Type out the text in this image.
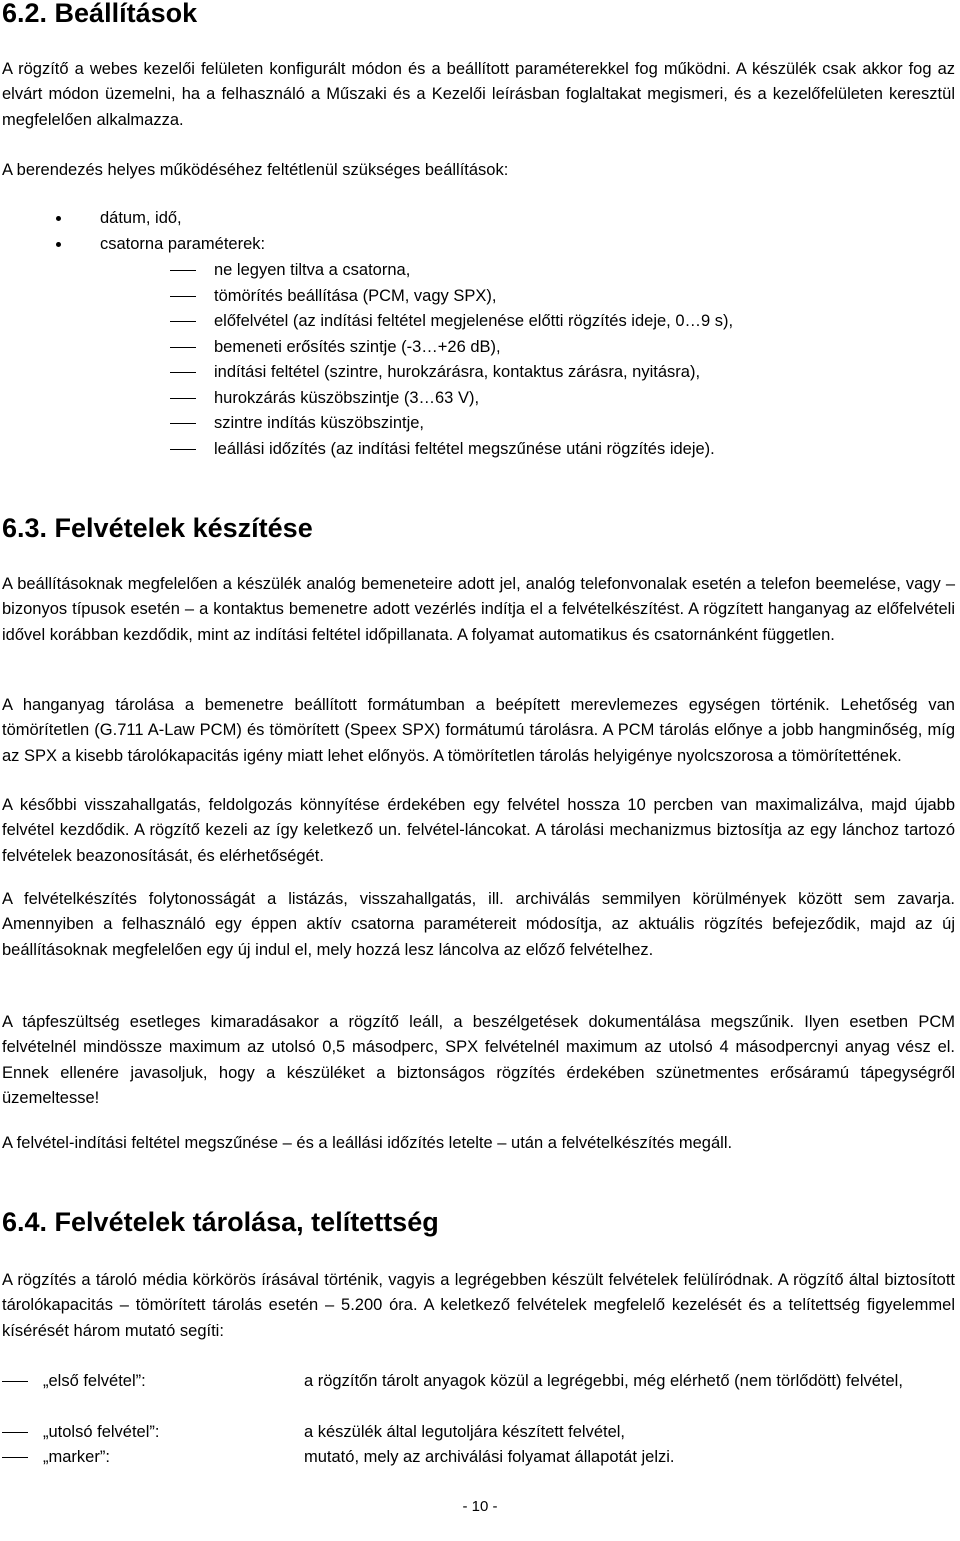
6.2. Beállítások

A rögzítő a webes kezelői felületen konfigurált módon és a beállított paraméterekkel fog működni. A készülék csak akkor fog az elvárt módon üzemelni, ha a felhasználó a Műszaki és a Kezelői leírásban foglaltakat megismeri, és a kezelőfelületen keresztül megfelelően alkalmazza.

A berendezés helyes működéséhez feltétlenül szükséges beállítások:

dátum, idő,
csatorna paraméterek:
ne legyen tiltva a csatorna,
tömörítés beállítása (PCM, vagy SPX),
előfelvétel (az indítási feltétel megjelenése előtti rögzítés ideje, 0…9 s),
bemeneti erősítés szintje (-3…+26 dB),
indítási feltétel (szintre, hurokzárásra, kontaktus zárásra, nyitásra),
hurokzárás küszöbszintje (3…63 V),
szintre indítás küszöbszintje,
leállási időzítés (az indítási feltétel megszűnése utáni rögzítés ideje).
6.3. Felvételek készítése

A beállításoknak megfelelően a készülék analóg bemeneteire adott jel, analóg telefonvonalak esetén a telefon beemelése, vagy – bizonyos típusok esetén – a kontaktus bemenetre adott vezérlés indítja el a felvételkészítést. A rögzített hanganyag az előfelvételi idővel korábban kezdődik, mint az indítási feltétel időpillanata. A folyamat automatikus és csatornánként független.

A hanganyag tárolása a bemenetre beállított formátumban a beépített merevlemezes egységen történik. Lehetőség van tömörítetlen (G.711 A-Law PCM) és tömörített (Speex SPX) formátumú tárolásra. A PCM tárolás előnye a jobb hangminőség, míg az SPX a kisebb tárolókapacitás igény miatt lehet előnyös. A tömörítetlen tárolás helyigénye nyolcszorosa a tömörítettének.

A későbbi visszahallgatás, feldolgozás könnyítése érdekében egy felvétel hossza 10 percben van maximalizálva, majd újabb felvétel kezdődik. A rögzítő kezeli az így keletkező un. felvétel-láncokat. A tárolási mechanizmus biztosítja az egy lánchoz tartozó felvételek beazonosítását, és elérhetőségét.

A felvételkészítés folytonosságát a listázás, visszahallgatás, ill. archiválás semmilyen körülmények között sem zavarja. Amennyiben a felhasználó egy éppen aktív csatorna paramétereit módosítja, az aktuális rögzítés befejeződik, majd az új beállításoknak megfelelően egy új indul el, mely hozzá lesz láncolva az előző felvételhez.

A tápfeszültség esetleges kimaradásakor a rögzítő leáll, a beszélgetések dokumentálása megszűnik. Ilyen esetben PCM felvételnél mindössze maximum az utolsó 0,5 másodperc, SPX felvételnél maximum az utolsó 4 másodpercnyi anyag vész el. Ennek ellenére javasoljuk, hogy a készüléket a biztonságos rögzítés érdekében szünetmentes erősáramú tápegységről üzemeltesse!

A felvétel-indítási feltétel megszűnése – és a leállási időzítés letelte – után a felvételkészítés megáll.

6.4. Felvételek tárolása, telítettség

A rögzítés a tároló média körkörös írásával történik, vagyis a legrégebben készült felvételek felülíródnak. A rögzítő által biztosított tárolókapacitás – tömörített tárolás esetén – 5.200 óra. A keletkező felvételek megfelelő kezelését és a telítettség figyelemmel kísérését három mutató segíti:

„első felvétel”:	a rögzítőn tárolt anyagok közül a legrégebbi, még elérhető (nem törlődött) felvétel,
„utolsó felvétel”:	a készülék által legutoljára készített felvétel,
„marker”:	mutató, mely az archiválási folyamat állapotát jelzi.
- 10 -
